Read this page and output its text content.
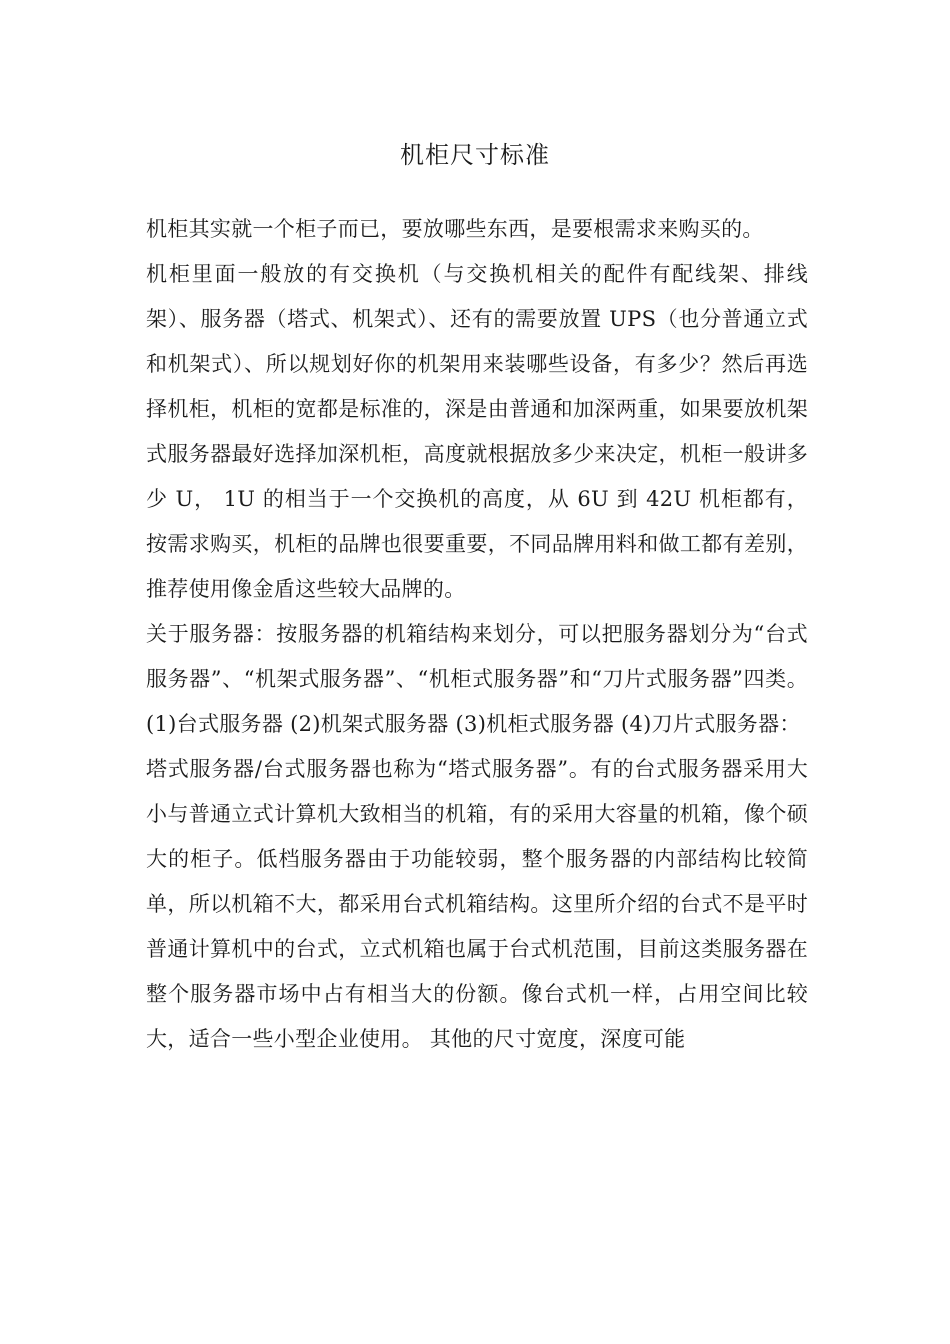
机柜尺寸标准

机柜其实就一个柜子而已，要放哪些东西，是要根需求来购买的。

机柜里面一般放的有交换机（与交换机相关的配件有配线架、排线架）、服务器（塔式、机架式）、还有的需要放置 UPS（也分普通立式和机架式）、所以规划好你的机架用来装哪些设备，有多少？然后再选择机柜，机柜的宽都是标准的，深是由普通和加深两重，如果要放机架式服务器最好选择加深机柜，高度就根据放多少来决定，机柜一般讲多少 U， 1U 的相当于一个交换机的高度，从 6U 到 42U 机柜都有，按需求购买，机柜的品牌也很要重要，不同品牌用料和做工都有差别，推荐使用像金盾这些较大品牌的。

关于服务器：按服务器的机箱结构来划分，可以把服务器划分为“台式服务器”、“机架式服务器”、“机柜式服务器”和“刀片式服务器”四类。 (1)台式服务器 (2)机架式服务器 (3)机柜式服务器 (4)刀片式服务器：

塔式服务器/台式服务器也称为“塔式服务器”。有的台式服务器采用大小与普通立式计算机大致相当的机箱，有的采用大容量的机箱，像个硕大的柜子。低档服务器由于功能较弱，整个服务器的内部结构比较简单，所以机箱不大，都采用台式机箱结构。这里所介绍的台式不是平时普通计算机中的台式，立式机箱也属于台式机范围，目前这类服务器在整个服务器市场中占有相当大的份额。像台式机一样，占用空间比较大，适合一些小型企业使用。 其他的尺寸宽度，深度可能
